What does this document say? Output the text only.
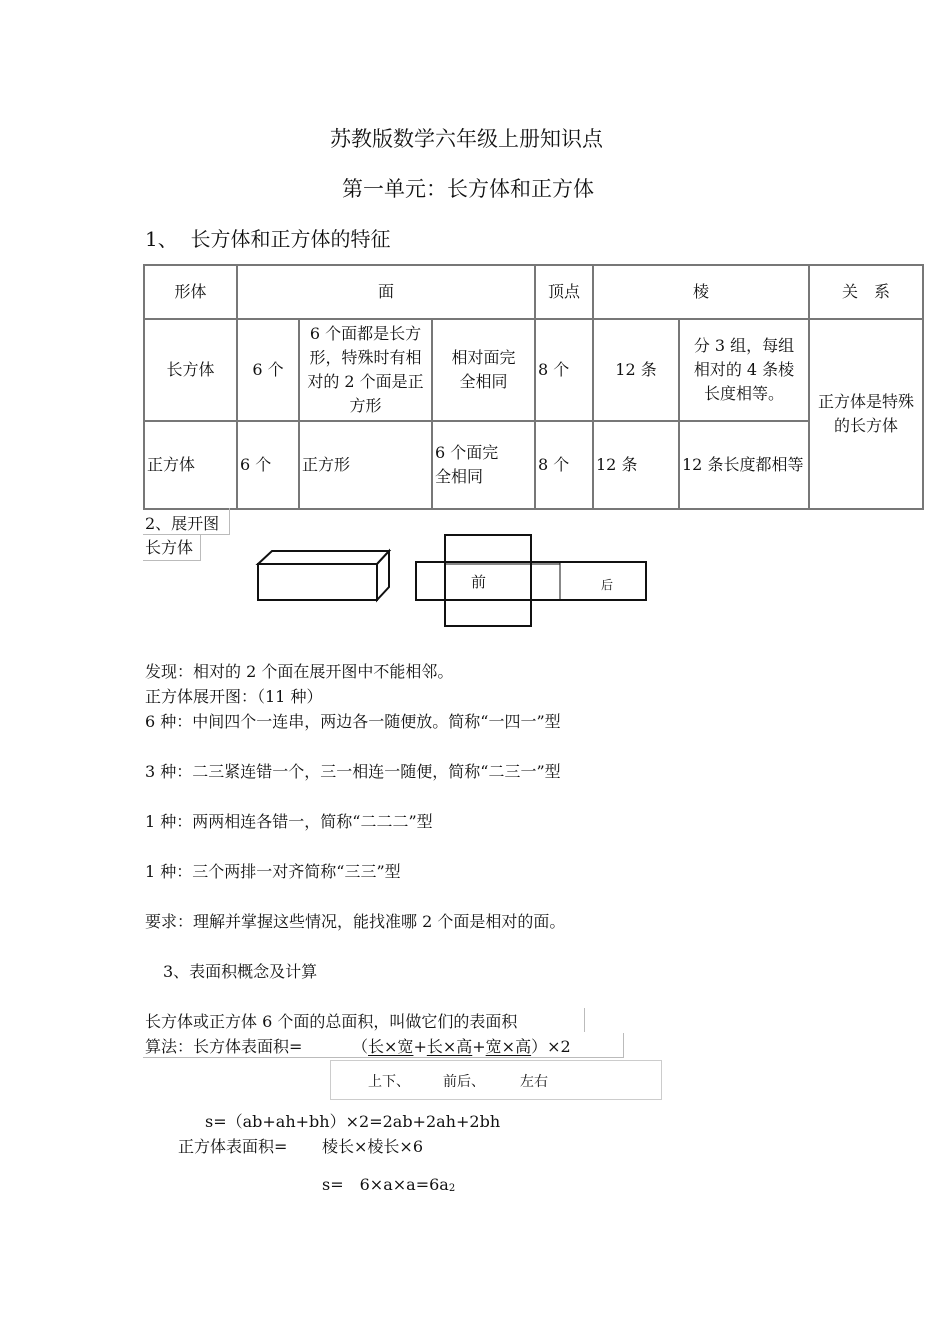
苏教版数学六年级上册知识点
第一单元：长方体和正方体
1、  长方体和正方体的特征
形体	面			顶点	棱		关　系
长方体	6 个	6 个面都是长方形，特殊时有相对的 2 个面是正方形	相对面完全相同	8 个	12 条	分 3 组，每组相对的 4 条棱长度相等。	正方体是特殊的长方体
正方体	6 个	正方形	6 个面完全相同	8 个	12 条	12 条长度都相等	
2、展开图
长方体
前	后
发现：相对的 2 个面在展开图中不能相邻。
正方体展开图：（11 种）
6 种：中间四个一连串，两边各一随便放。简称“一四一”型
3 种：二三紧连错一个，三一相连一随便，简称“二三一”型
1 种：两两相连各错一，简称“二二二”型
1 种：三个两排一对齐简称“三三”型
要求：理解并掌握这些情况，能找准哪 2 个面是相对的面。
3、表面积概念及计算
长方体或正方体 6 个面的总面积，叫做它们的表面积
算法：长方体表面积=	（长×宽+长×高+宽×高）×2
上下、 前后、	左右
s=（ab+ah+bh）×2=2ab+2ah+2bh
正方体表面积= 棱长×棱长×6
s=　6×a×a=6a2
